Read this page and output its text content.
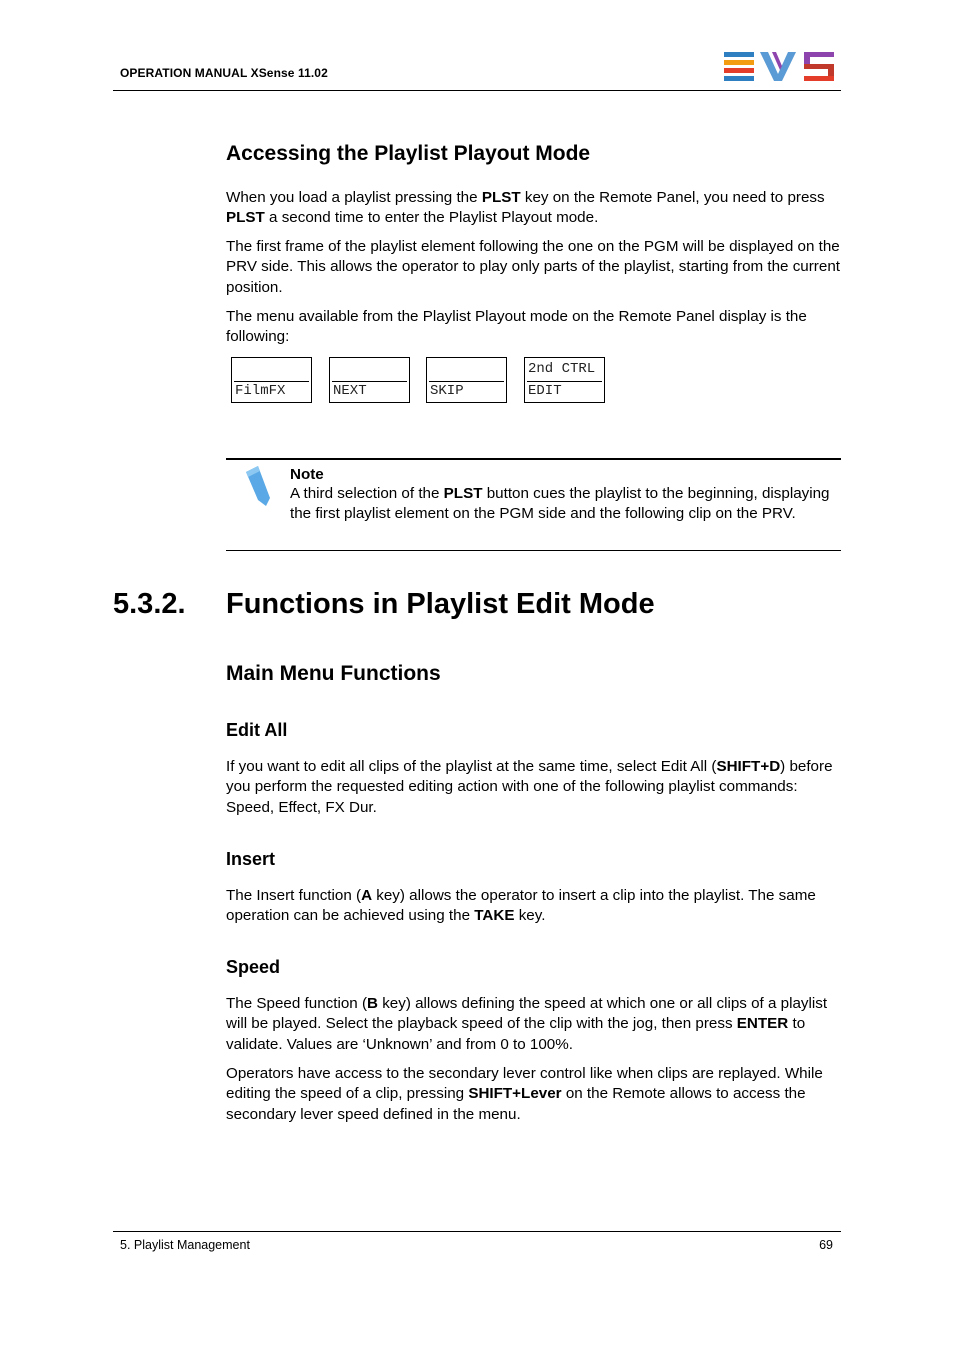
OPERATION MANUAL XSense 11.02
Accessing the Playlist Playout Mode
When you load a playlist pressing the PLST key on the Remote Panel, you need to press PLST a second time to enter the Playlist Playout mode.
The first frame of the playlist element following the one on the PGM will be displayed on the PRV side. This allows the operator to play only parts of the playlist, starting from the current position.
The menu available from the Playlist Playout mode on the Remote Panel display is the following:
FilmFX	NEXT	SKIP
2nd CTRL
EDIT
Note
A third selection of the PLST button cues the playlist to the beginning, displaying the first playlist element on the PGM side and the following clip on the PRV.
5.3.2. Functions in Playlist Edit Mode
Main Menu Functions
Edit All
If you want to edit all clips of the playlist at the same time, select Edit All (SHIFT+D) before you perform the requested editing action with one of the following playlist commands: Speed, Effect, FX Dur.
Insert
The Insert function (A key) allows the operator to insert a clip into the playlist. The same operation can be achieved using the TAKE key.
Speed
The Speed function (B key) allows defining the speed at which one or all clips of a playlist will be played. Select the playback speed of the clip with the jog, then press ENTER to validate. Values are ‘Unknown’ and from 0 to 100%.
Operators have access to the secondary lever control like when clips are replayed. While editing the speed of a clip, pressing SHIFT+Lever on the Remote allows to access the secondary lever speed defined in the menu.
5. Playlist Management	69
